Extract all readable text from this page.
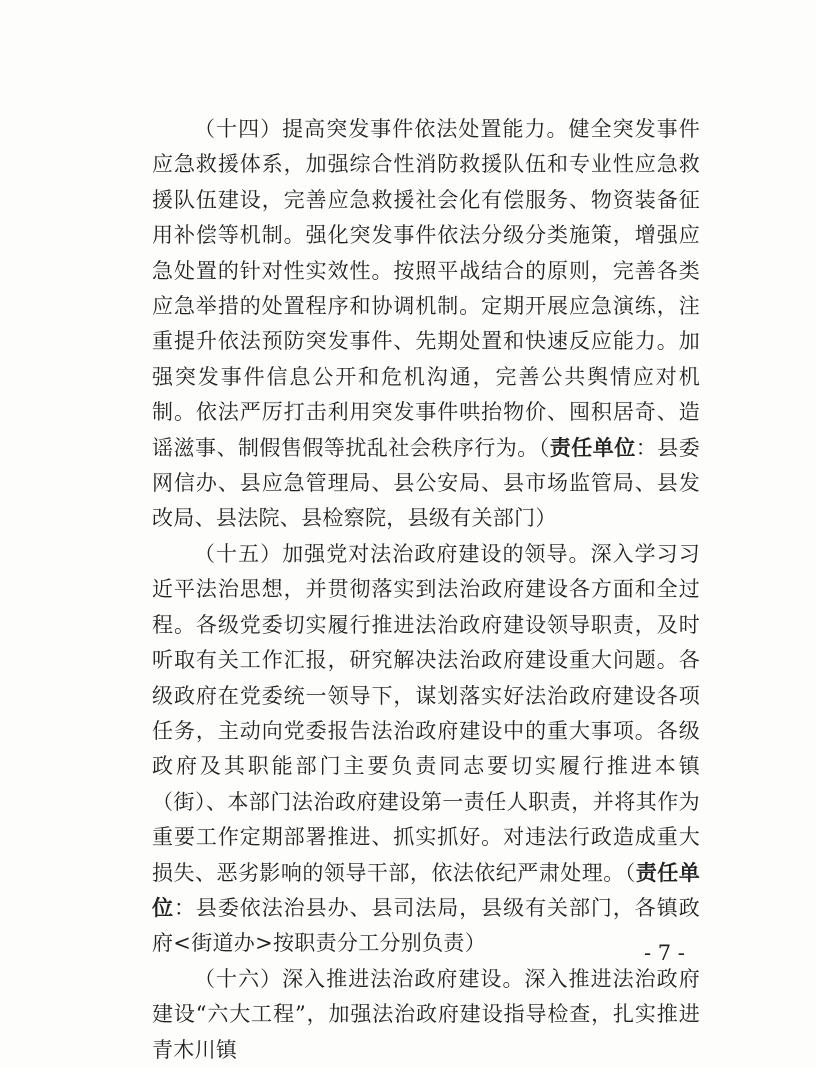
（十四）提高突发事件依法处置能力。健全突发事件应急救援体系，加强综合性消防救援队伍和专业性应急救援队伍建设，完善应急救援社会化有偿服务、物资装备征用补偿等机制。强化突发事件依法分级分类施策，增强应急处置的针对性实效性。按照平战结合的原则，完善各类应急举措的处置程序和协调机制。定期开展应急演练，注重提升依法预防突发事件、先期处置和快速反应能力。加强突发事件信息公开和危机沟通，完善公共舆情应对机制。依法严厉打击利用突发事件哄抬物价、囤积居奇、造谣滋事、制假售假等扰乱社会秩序行为。（责任单位：县委网信办、县应急管理局、县公安局、县市场监管局、县发改局、县法院、县检察院，县级有关部门）

（十五）加强党对法治政府建设的领导。深入学习习近平法治思想，并贯彻落实到法治政府建设各方面和全过程。各级党委切实履行推进法治政府建设领导职责，及时听取有关工作汇报，研究解决法治政府建设重大问题。各级政府在党委统一领导下，谋划落实好法治政府建设各项任务，主动向党委报告法治政府建设中的重大事项。各级政府及其职能部门主要负责同志要切实履行推进本镇（街）、本部门法治政府建设第一责任人职责，并将其作为重要工作定期部署推进、抓实抓好。对违法行政造成重大损失、恶劣影响的领导干部，依法依纪严肃处理。（责任单位：县委依法治县办、县司法局，县级有关部门，各镇政府<街道办>按职责分工分别负责）

（十六）深入推进法治政府建设。深入推进法治政府建设“六大工程”，加强法治政府建设指导检查，扎实推进青木川镇

- 7 -
